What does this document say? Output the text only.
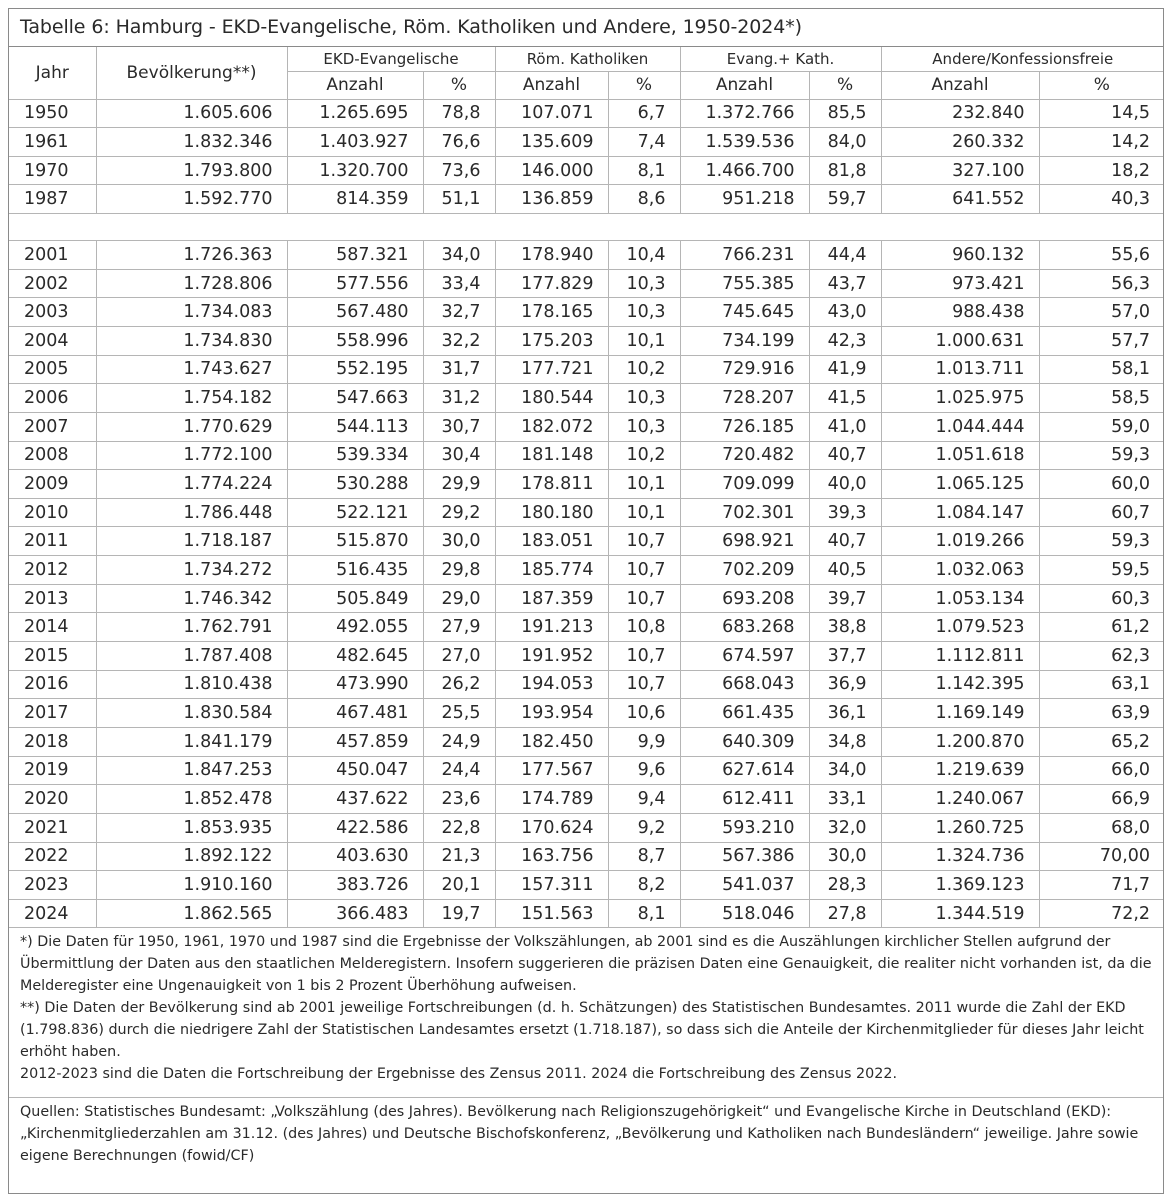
Tabelle 6: Hamburg - EKD-Evangelische, Röm. Katholiken und Andere, 1950-2024*)
Jahr	Bevölkerung**)	EKD-Evangelische		Röm. Katholiken		Evang.+ Kath.		Andere/Konfessionsfreie	
		Anzahl	%	Anzahl	%	Anzahl	%	Anzahl	%
1950	1.605.606	1.265.695	78,8	107.071	6,7	1.372.766	85,5	232.840	14,5
1961	1.832.346	1.403.927	76,6	135.609	7,4	1.539.536	84,0	260.332	14,2
1970	1.793.800	1.320.700	73,6	146.000	8,1	1.466.700	81,8	327.100	18,2
1987	1.592.770	814.359	51,1	136.859	8,6	951.218	59,7	641.552	40,3

2001	1.726.363	587.321	34,0	178.940	10,4	766.231	44,4	960.132	55,6
2002	1.728.806	577.556	33,4	177.829	10,3	755.385	43,7	973.421	56,3
2003	1.734.083	567.480	32,7	178.165	10,3	745.645	43,0	988.438	57,0
2004	1.734.830	558.996	32,2	175.203	10,1	734.199	42,3	1.000.631	57,7
2005	1.743.627	552.195	31,7	177.721	10,2	729.916	41,9	1.013.711	58,1
2006	1.754.182	547.663	31,2	180.544	10,3	728.207	41,5	1.025.975	58,5
2007	1.770.629	544.113	30,7	182.072	10,3	726.185	41,0	1.044.444	59,0
2008	1.772.100	539.334	30,4	181.148	10,2	720.482	40,7	1.051.618	59,3
2009	1.774.224	530.288	29,9	178.811	10,1	709.099	40,0	1.065.125	60,0
2010	1.786.448	522.121	29,2	180.180	10,1	702.301	39,3	1.084.147	60,7
2011	1.718.187	515.870	30,0	183.051	10,7	698.921	40,7	1.019.266	59,3
2012	1.734.272	516.435	29,8	185.774	10,7	702.209	40,5	1.032.063	59,5
2013	1.746.342	505.849	29,0	187.359	10,7	693.208	39,7	1.053.134	60,3
2014	1.762.791	492.055	27,9	191.213	10,8	683.268	38,8	1.079.523	61,2
2015	1.787.408	482.645	27,0	191.952	10,7	674.597	37,7	1.112.811	62,3
2016	1.810.438	473.990	26,2	194.053	10,7	668.043	36,9	1.142.395	63,1
2017	1.830.584	467.481	25,5	193.954	10,6	661.435	36,1	1.169.149	63,9
2018	1.841.179	457.859	24,9	182.450	9,9	640.309	34,8	1.200.870	65,2
2019	1.847.253	450.047	24,4	177.567	9,6	627.614	34,0	1.219.639	66,0
2020	1.852.478	437.622	23,6	174.789	9,4	612.411	33,1	1.240.067	66,9
2021	1.853.935	422.586	22,8	170.624	9,2	593.210	32,0	1.260.725	68,0
2022	1.892.122	403.630	21,3	163.756	8,7	567.386	30,0	1.324.736	70,00
2023	1.910.160	383.726	20,1	157.311	8,2	541.037	28,3	1.369.123	71,7
2024	1.862.565	366.483	19,7	151.563	8,1	518.046	27,8	1.344.519	72,2

*) Die Daten für 1950, 1961, 1970 und 1987 sind die Ergebnisse der Volkszählungen, ab 2001 sind es die Auszählungen kirchlicher Stellen aufgrund der Übermittlung der Daten aus den staatlichen Melderegistern. Insofern suggerieren die präzisen Daten eine Genauigkeit, die realiter nicht vorhanden ist, da die Melderegister eine Ungenauigkeit von 1 bis 2 Prozent Überhöhung aufweisen.

**) Die Daten der Bevölkerung sind ab 2001 jeweilige Fortschreibungen (d. h. Schätzungen) des Statistischen Bundesamtes. 2011 wurde die Zahl der EKD (1.798.836) durch die niedrigere Zahl der Statistischen Landesamtes ersetzt (1.718.187), so dass sich die Anteile der Kirchenmitglieder für dieses Jahr leicht erhöht haben.

2012-2023 sind die Daten die Fortschreibung der Ergebnisse des Zensus 2011. 2024 die Fortschreibung des Zensus 2022.

Quellen: Statistisches Bundesamt: „Volkszählung (des Jahres). Bevölkerung nach Religionszugehörigkeit“ und Evangelische Kirche in Deutschland (EKD): „Kirchenmitgliederzahlen am 31.12. (des Jahres) und Deutsche Bischofskonferenz, „Bevölkerung und Katholiken nach Bundesländern“ jeweilige. Jahre sowie eigene Berechnungen (fowid/CF)
